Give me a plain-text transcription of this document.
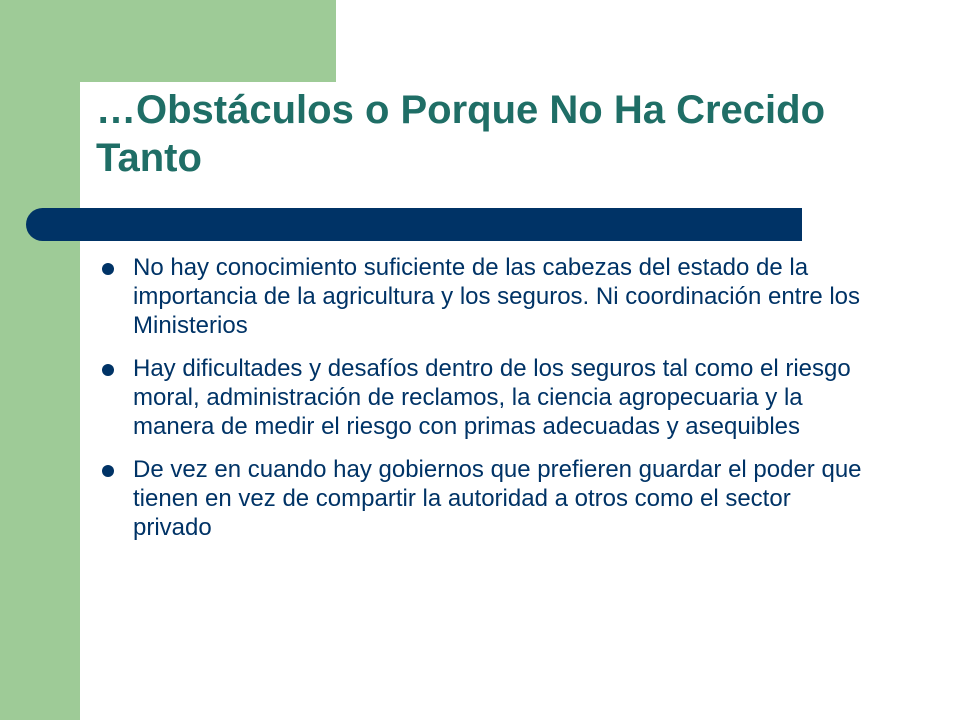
…Obstáculos o Porque No Ha Crecido Tanto
No hay conocimiento suficiente de las cabezas del estado de la importancia de la agricultura y los seguros. Ni coordinación entre los Ministerios
Hay dificultades y desafíos dentro de los seguros tal como el riesgo moral, administración de reclamos, la ciencia agropecuaria y la manera de medir el riesgo con primas adecuadas y asequibles
De vez en cuando hay gobiernos que prefieren guardar el poder que tienen en vez de compartir la autoridad a otros como el sector privado
